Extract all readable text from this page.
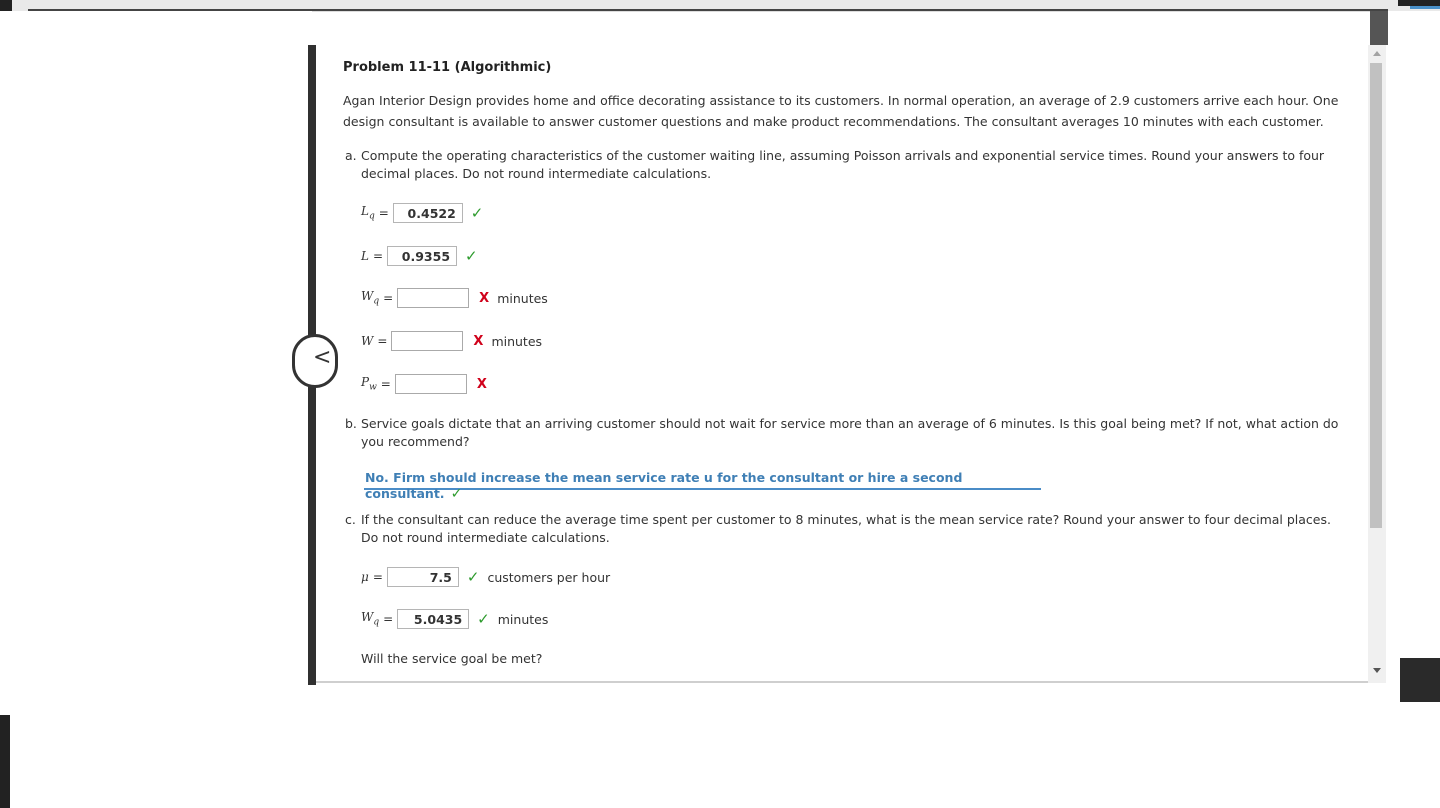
<
Problem 11-11 (Algorithmic)
Agan Interior Design provides home and office decorating assistance to its customers. In normal operation, an average of 2.9 customers arrive each hour. One design consultant is available to answer customer questions and make product recommendations. The consultant averages 10 minutes with each customer.
a. Compute the operating characteristics of the customer waiting line, assuming Poisson arrivals and exponential service times. Round your answers to four decimal places. Do not round intermediate calculations.
$L_q$ =	0.4522	✓
L =	0.9355	✓
$W_q$ =	X minutes
W =	X minutes
$P_w$ =	X
b. Service goals dictate that an arriving customer should not wait for service more than an average of 6 minutes. Is this goal being met? If not, what action do you recommend?
No. Firm should increase the mean service rate u for the consultant or hire a second consultant. ✓
c. If the consultant can reduce the average time spent per customer to 8 minutes, what is the mean service rate? Round your answer to four decimal places. Do not round intermediate calculations.
μ =	7.5	✓ customers per hour
$W_q$ =	5.0435	✓ minutes
Will the service goal be met?
